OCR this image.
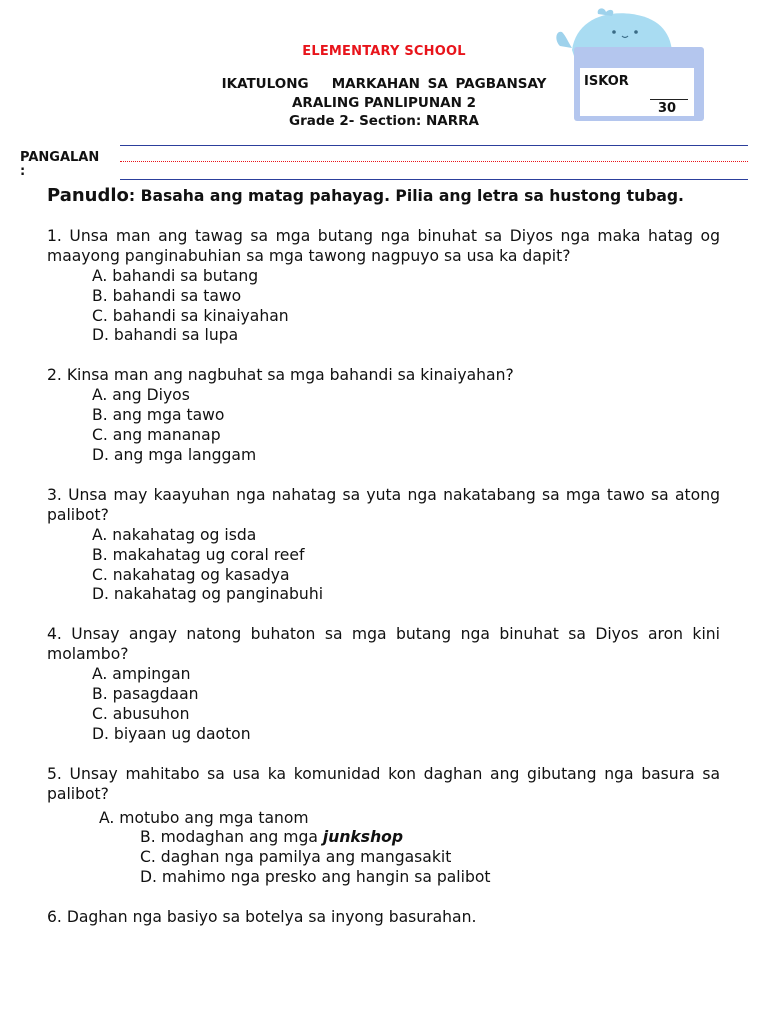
ELEMENTARY SCHOOL
IKATULONG   MARKAHAN SA PAGBANSAY
ARALING PANLIPUNAN 2
Grade 2- Section: NARRA
ISKOR
30
PANGALAN
:
Panudlo: Basaha ang matag pahayag. Pilia ang letra sa hustong tubag.
1. Unsa man ang tawag sa mga butang nga binuhat sa Diyos nga maka hatag og maayong panginabuhian sa mga tawong nagpuyo sa usa ka dapit?
A. bahandi sa butang
B. bahandi sa tawo
C. bahandi sa kinaiyahan
D. bahandi sa lupa
2. Kinsa man ang nagbuhat sa mga bahandi sa kinaiyahan?
A. ang Diyos
B. ang mga tawo
C. ang mananap
D. ang mga langgam
3. Unsa may kaayuhan nga nahatag sa yuta nga nakatabang sa mga tawo sa atong palibot?
A. nakahatag og isda
B. makahatag ug coral reef
C. nakahatag og kasadya
D. nakahatag og panginabuhi
4. Unsay angay natong buhaton sa mga butang nga binuhat sa Diyos aron kini molambo?
A. ampingan
B. pasagdaan
C. abusuhon
D. biyaan ug daoton
5. Unsay mahitabo sa usa ka komunidad kon daghan ang gibutang nga basura sa palibot?
A. motubo ang mga tanom
B. modaghan ang mga junkshop
C. daghan nga pamilya ang mangasakit
D. mahimo nga presko ang hangin sa palibot
6. Daghan nga basiyo sa botelya sa inyong basurahan.
